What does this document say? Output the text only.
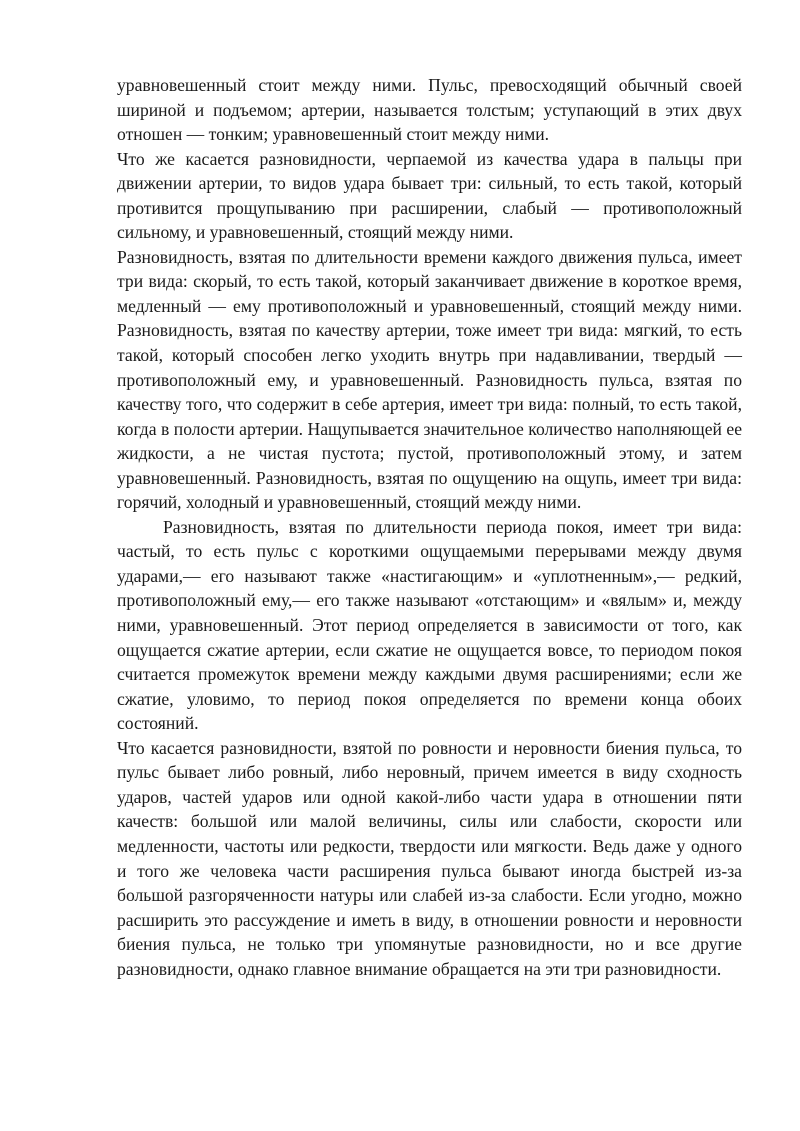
уравновешенный стоит между ними. Пульс, превосходящий обычный своей шириной и подъемом; артерии, называется толстым; уступающий в этих двух отношен — тонким; уравновешенный стоит между ними.

Что же касается разновидности, черпаемой из качества удара в пальцы при движении артерии, то видов удара бывает три: сильный, то есть такой, который противится прощупыванию при расширении, слабый — противоположный сильному, и уравновешенный, стоящий между ними.

Разновидность, взятая по длительности времени каждого движения пульса, имеет три вида: скорый, то есть такой, который заканчивает движение в короткое время, медленный — ему противоположный и уравновешенный, стоящий между ними. Разновидность, взятая по качеству артерии, тоже имеет три вида: мягкий, то есть такой, который способен легко уходить внутрь при надавливании, твердый — противоположный ему, и уравновешенный. Разновидность пульса, взятая по качеству того, что содержит в себе артерия, имеет три вида: полный, то есть такой, когда в полости артерии. Нащупывается значительное количество наполняющей ее жидкости, а не чистая пустота; пустой, противоположный этому, и затем уравновешенный. Разновидность, взятая по ощущению на ощупь, имеет три вида: горячий, холодный и уравновешенный, стоящий между ними.

Разновидность, взятая по длительности периода покоя, имеет три вида: частый, то есть пульс с короткими ощущаемыми перерывами между двумя ударами,— его называют также «настигающим» и «уплотненным»,— редкий, противоположный ему,— его также называют «отстающим» и «вялым» и, между ними, уравновешенный. Этот период определяется в зависимости от того, как ощущается сжатие артерии, если сжатие не ощущается вовсе, то периодом покоя считается промежуток времени между каждыми двумя расширениями; если же сжатие, уловимо, то период покоя определяется по времени конца обоих состояний.

Что касается разновидности, взятой по ровности и неровности биения пульса, то пульс бывает либо ровный, либо неровный, причем имеется в виду сходность ударов, частей ударов или одной какой-либо части удара в отношении пяти качеств: большой или малой величины, силы или слабости, скорости или медленности, частоты или редкости, твердости или мягкости. Ведь даже у одного и того же человека части расширения пульса бывают иногда быстрей из-за большой разгоряченности натуры или слабей из-за слабости. Если угодно, можно расширить это рассуждение и иметь в виду, в отношении ровности и неровности биения пульса, не только три упомянутые разновидности, но и все другие разновидности, однако главное внимание обращается на эти три разновидности.
